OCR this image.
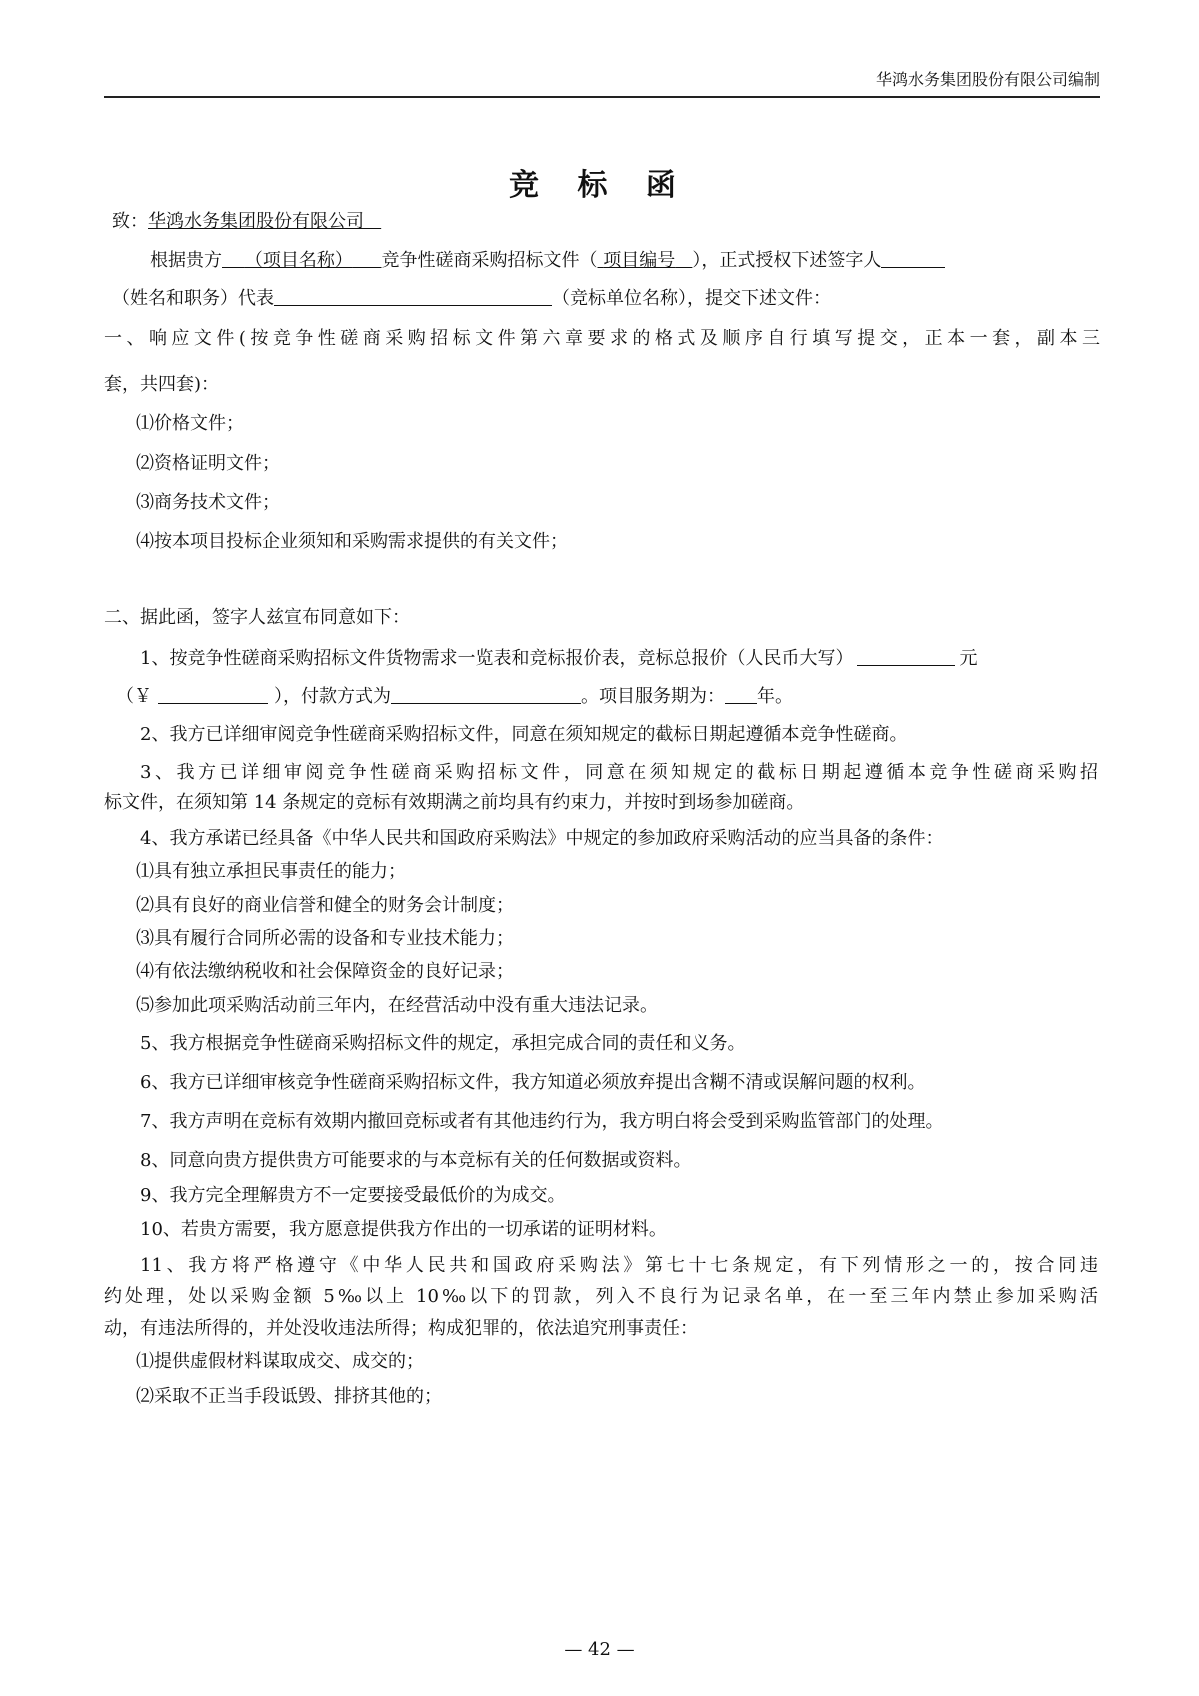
华鸿水务集团股份有限公司编制
竞 标 函
致：华鸿水务集团股份有限公司
根据贵方 （项目名称） 竞争性磋商采购招标文件（ 项目编号 ），正式授权下述签字人
（姓名和职务）代表	（竞标单位名称），提交下述文件：
一、响应文件(按竞争性磋商采购招标文件第六章要求的格式及顺序自行填写提交，正本一套，副本三
套，共四套)：
⑴价格文件；
⑵资格证明文件；
⑶商务技术文件；
⑷按本项目投标企业须知和采购需求提供的有关文件；
二、据此函，签字人兹宣布同意如下：
1、按竞争性磋商采购招标文件货物需求一览表和竞标报价表，竞标总报价（人民币大写）	元
（￥	），付款方式为	。项目服务期为： 年。
2、我方已详细审阅竞争性磋商采购招标文件，同意在须知规定的截标日期起遵循本竞争性磋商。
3、我方已详细审阅竞争性磋商采购招标文件，同意在须知规定的截标日期起遵循本竞争性磋商采购招
标文件，在须知第 14 条规定的竞标有效期满之前均具有约束力，并按时到场参加磋商。
4、我方承诺已经具备《中华人民共和国政府采购法》中规定的参加政府采购活动的应当具备的条件：
⑴具有独立承担民事责任的能力；
⑵具有良好的商业信誉和健全的财务会计制度；
⑶具有履行合同所必需的设备和专业技术能力；
⑷有依法缴纳税收和社会保障资金的良好记录；
⑸参加此项采购活动前三年内，在经营活动中没有重大违法记录。
5、我方根据竞争性磋商采购招标文件的规定，承担完成合同的责任和义务。
6、我方已详细审核竞争性磋商采购招标文件，我方知道必须放弃提出含糊不清或误解问题的权利。
7、我方声明在竞标有效期内撤回竞标或者有其他违约行为，我方明白将会受到采购监管部门的处理。
8、同意向贵方提供贵方可能要求的与本竞标有关的任何数据或资料。
9、我方完全理解贵方不一定要接受最低价的为成交。
10、若贵方需要，我方愿意提供我方作出的一切承诺的证明材料。
11、我方将严格遵守《中华人民共和国政府采购法》第七十七条规定，有下列情形之一的，按合同违
约处理，处以采购金额 5‰以上 10‰以下的罚款，列入不良行为记录名单，在一至三年内禁止参加采购活
动，有违法所得的，并处没收违法所得；构成犯罪的，依法追究刑事责任：
⑴提供虚假材料谋取成交、成交的；
⑵采取不正当手段诋毁、排挤其他的；
— 42 —
